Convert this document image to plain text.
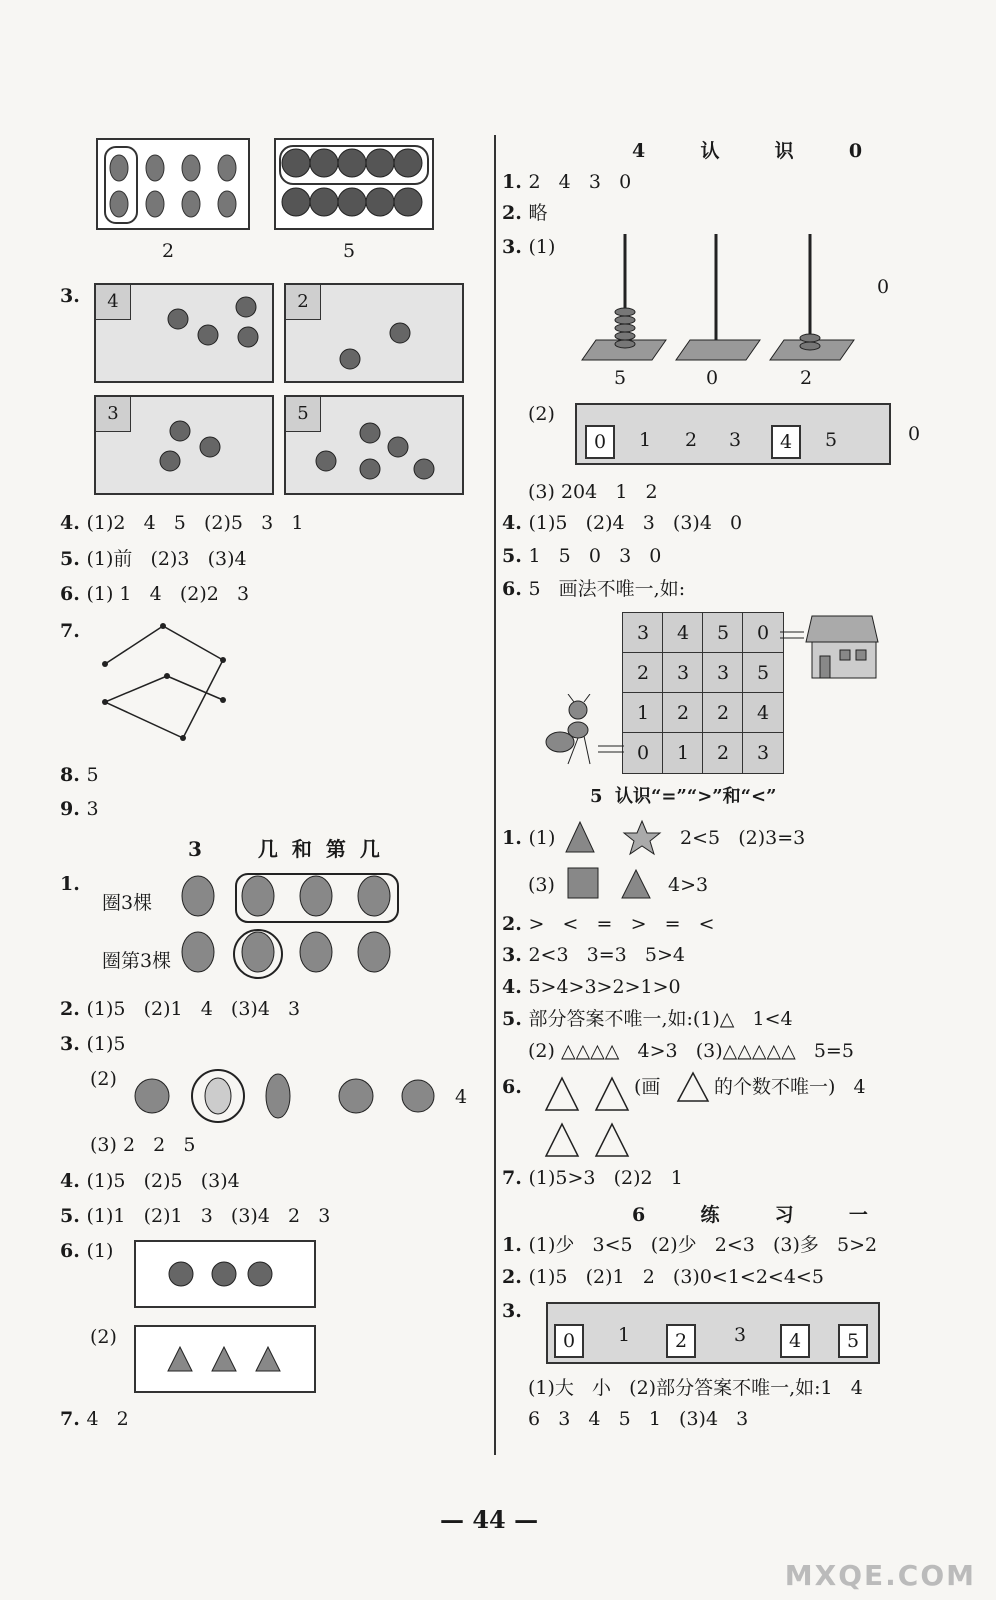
2	5
3.	4	2
3	5
4. (1)2   4   5   (2)5   3   1
5. (1)前   (2)3   (3)4
6. (1) 1   4   (2)2   3
7.
8. 5
9. 3
3  几和第几
1.
圈3棵
圈第3棵
2. (1)5   (2)1   4   (3)4   3
3. (1)5
(2)
4
(3) 2   2   5
4. (1)5   (2)5   (3)4
5. (1)1   (2)1   3   (3)4   2   3
6. (1)
(2)
7. 4   2
4  认  识  0
1. 2   4   3   0
2. 略
3. (1)
5	0	2
0
(2)
0	1 2 3	4	5	0
(3) 204   1   2
4. (1)5   (2)4   3   (3)4   0
5. 1   5   0   3   0
6. 5   画法不唯一,如:
3	4	5	0
2	3	3	5
1	2	2	4
0	1	2	3
5  认识“=”“>”和“<”
1. (1)	2<5   (2)3=3
(3)	4>3
2. >   <   =   >   =   <
3. 2<3   3=3   5>4
4. 5>4>3>2>1>0
5. 部分答案不唯一,如:(1)△   1<4
(2) △△△△   4>3   (3)△△△△△   5=5
6.	(画	的个数不唯一)   4
7. (1)5>3   (2)2   1
6  练  习  一
1. (1)少   3<5   (2)少   2<3   (3)多   5>2
2. (1)5   (2)1   2   (3)0<1<2<4<5
3.
0	1	2	3	4	5
(1)大   小   (2)部分答案不唯一,如:1   4
6   3   4   5   1   (3)4   3
— 44 —
MXQE.COM
